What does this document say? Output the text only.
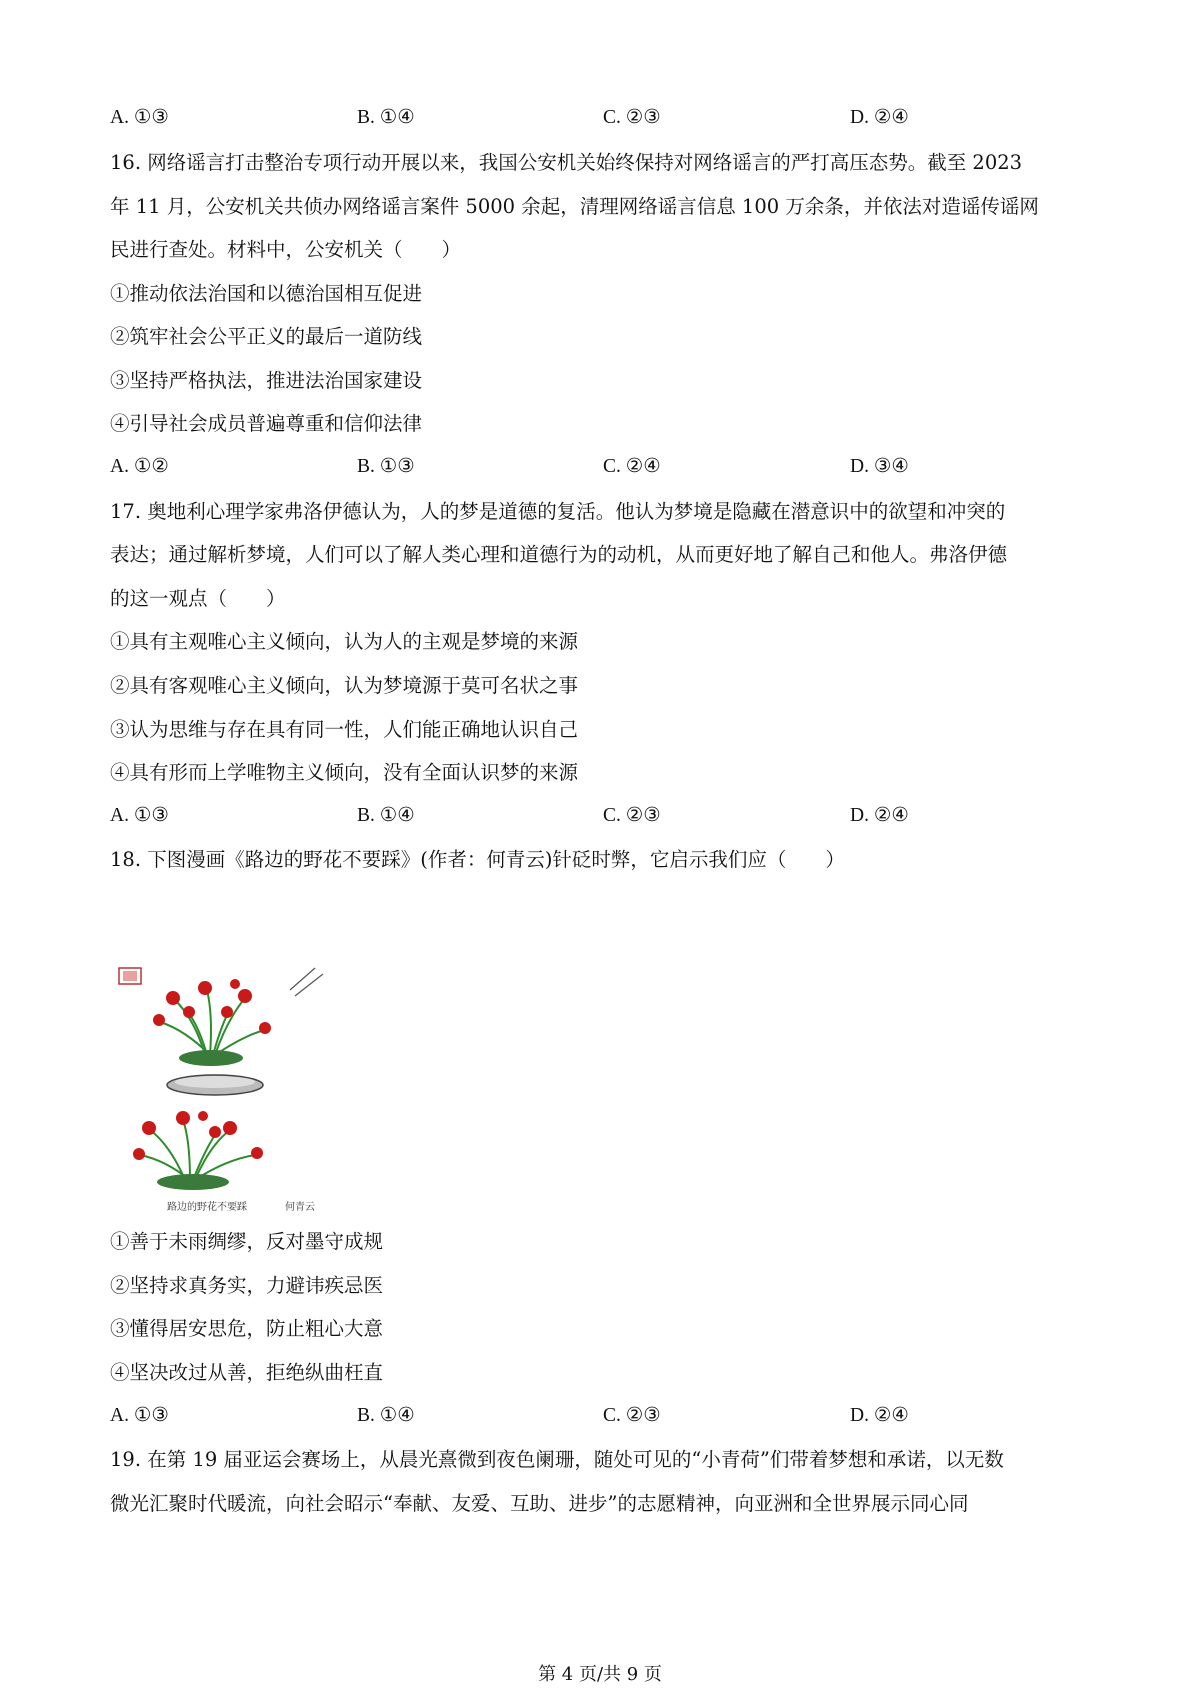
A. ①③	B. ①④	C. ②③	D. ②④
16. 网络谣言打击整治专项行动开展以来，我国公安机关始终保持对网络谣言的严打高压态势。截至 2023
年 11 月，公安机关共侦办网络谣言案件 5000 余起，清理网络谣言信息 100 万余条，并依法对造谣传谣网
民进行查处。材料中，公安机关（　　）
①推动依法治国和以德治国相互促进
②筑牢社会公平正义的最后一道防线
③坚持严格执法，推进法治国家建设
④引导社会成员普遍尊重和信仰法律
A. ①②	B. ①③	C. ②④	D. ③④
17. 奥地利心理学家弗洛伊德认为，人的梦是道德的复活。他认为梦境是隐藏在潜意识中的欲望和冲突的
表达；通过解析梦境，人们可以了解人类心理和道德行为的动机，从而更好地了解自己和他人。弗洛伊德
的这一观点（　　）
①具有主观唯心主义倾向，认为人的主观是梦境的来源
②具有客观唯心主义倾向，认为梦境源于莫可名状之事
③认为思维与存在具有同一性，人们能正确地认识自己
④具有形而上学唯物主义倾向，没有全面认识梦的来源
A. ①③	B. ①④	C. ②③	D. ②④
18. 下图漫画《路边的野花不要踩》(作者：何青云)针砭时弊，它启示我们应（　　）
路边的野花不要踩	何青云
①善于未雨绸缪，反对墨守成规
②坚持求真务实，力避讳疾忌医
③懂得居安思危，防止粗心大意
④坚决改过从善，拒绝纵曲枉直
A. ①③	B. ①④	C. ②③	D. ②④
19. 在第 19 届亚运会赛场上，从晨光熹微到夜色阑珊，随处可见的“小青荷”们带着梦想和承诺，以无数
微光汇聚时代暖流，向社会昭示“奉献、友爱、互助、进步”的志愿精神，向亚洲和全世界展示同心同
第 4 页/共 9 页
